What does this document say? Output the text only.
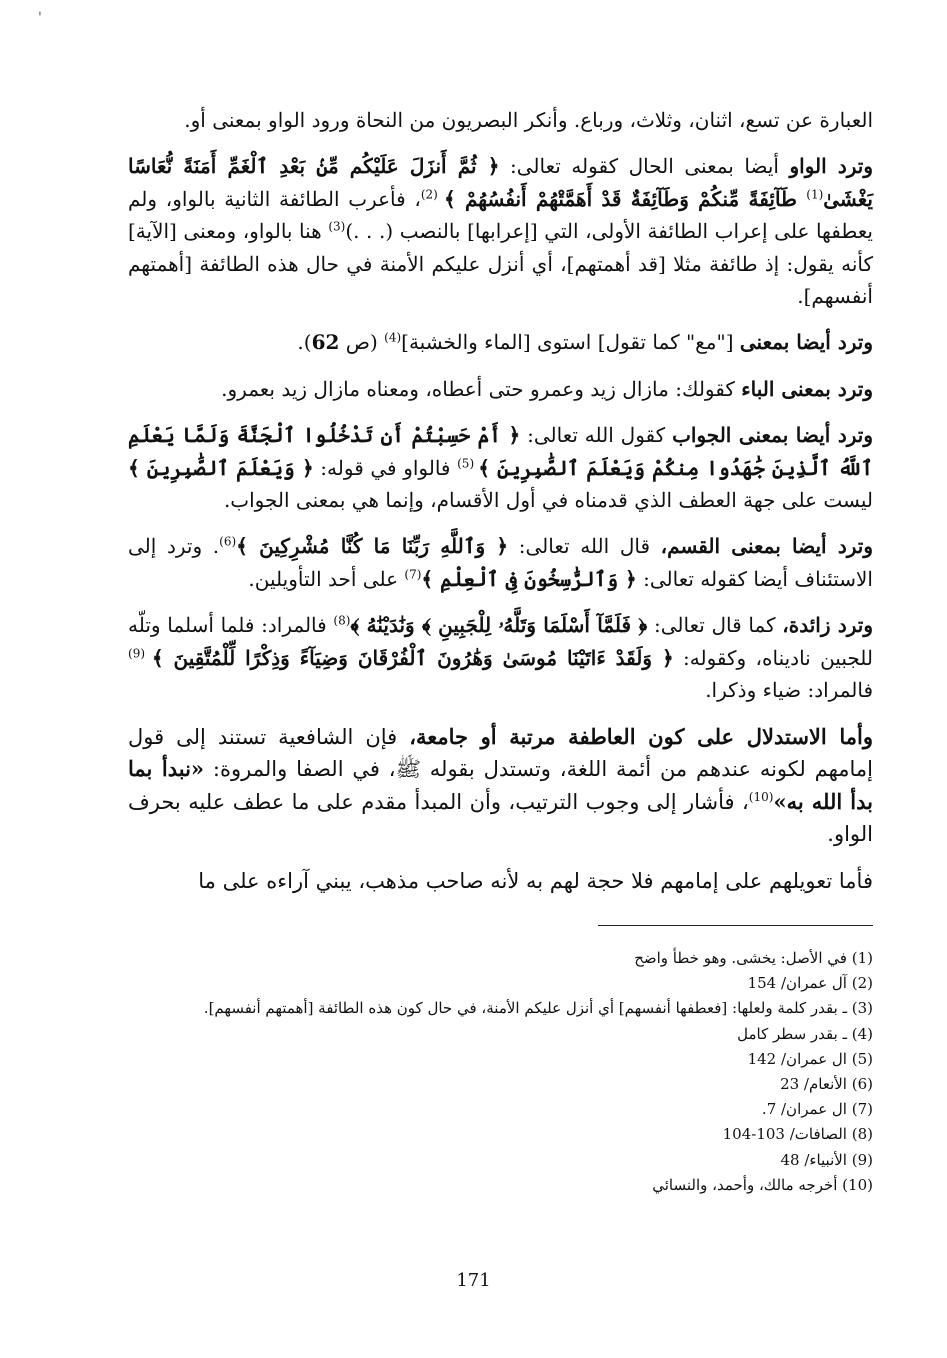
'

العبارة عن تسع، اثنان، وثلاث، ورباع. وأنكر البصريون من النحاة ورود الواو بمعنى أو.

وترد الواو أيضا بمعنى الحال كقوله تعالى: ﴿ ثُمَّ أَنزَلَ عَلَيْكُم مِّنۢ بَعْدِ ٱلْغَمِّ أَمَنَةً نُّعَاسًا يَغْشَىٰ$^{(1)}$ طَآئِفَةً مِّنكُمْ وَطَآئِفَةٌ قَدْ أَهَمَّتْهُمْ أَنفُسُهُمْ ﴾ $^{(2)}$، فأعرب الطائفة الثانية بالواو، ولم يعطفها على إعراب الطائفة الأولى، التي [إعرابها] بالنصب (. . .)$^{(3)}$ هنا بالواو، ومعنى [الآية] كأنه يقول: إذ طائفة مثلا [قد أهمتهم]، أي أنزل عليكم الأمنة في حال هذه الطائفة [أهمتهم أنفسهم].

وترد أيضا بمعنى ["مع" كما تقول] استوى [الماء والخشبة]$^{(4)}$ (ص 62).

وترد بمعنى الباء كقولك: مازال زيد وعمرو حتى أعطاه، ومعناه مازال زيد بعمرو.

وترد أيضا بمعنى الجواب كقول الله تعالى: ﴿ أَمْ حَسِبْتُمْ أَن تَدْخُلُوا ٱلْجَنَّةَ وَلَمَّا يَعْلَمِ ٱللَّهُ ٱلَّذِينَ جَٰهَدُوا مِنكُمْ وَيَعْلَمَ ٱلصَّٰبِرِينَ ﴾ $^{(5)}$ فالواو في قوله: ﴿ وَيَعْلَمَ ٱلصَّٰبِرِينَ ﴾ ليست على جهة العطف الذي قدمناه في أول الأقسام، وإنما هي بمعنى الجواب.

وترد أيضا بمعنى القسم، قال الله تعالى: ﴿ وَٱللَّهِ رَبِّنَا مَا كُنَّا مُشْرِكِينَ ﴾$^{(6)}$. وترد إلى الاستئناف أيضا كقوله تعالى: ﴿ وَٱلرَّٰسِخُونَ فِى ٱلْعِلْمِ ﴾$^{(7)}$ على أحد التأويلين.

وترد زائدة، كما قال تعالى: ﴿ فَلَمَّآ أَسْلَمَا وَتَلَّهُۥ لِلْجَبِينِ ﴾ وَنَٰدَيْنَٰهُ ﴾$^{(8)}$ فالمراد: فلما أسلما وتلّه للجبين ناديناه، وكقوله: ﴿ وَلَقَدْ ءَاتَيْنَا مُوسَىٰ وَهَٰرُونَ ٱلْفُرْقَانَ وَضِيَآءً وَذِكْرًا لِّلْمُتَّقِينَ ﴾ $^{(9)}$ فالمراد: ضياء وذكرا.

وأما الاستدلال على كون العاطفة مرتبة أو جامعة، فإن الشافعية تستند إلى قول إمامهم لكونه عندهم من أئمة اللغة، وتستدل بقوله ﷺ، في الصفا والمروة: «نبدأ بما بدأ الله به»$^{(10)}$، فأشار إلى وجوب الترتيب، وأن المبدأ مقدم على ما عطف عليه بحرف الواو.

فأما تعويلهم على إمامهم فلا حجة لهم به لأنه صاحب مذهب، يبني آراءه على ما

(1) في الأصل: يخشى. وهو خطأ واضح
(2) آل عمران/ 154
(3) ـ بقدر كلمة ولعلها: [فعطفها أنفسهم] أي أنزل عليكم الأمنة، في حال كون هذه الطائفة [أهمتهم أنفسهم].
(4) ـ بقدر سطر كامل
(5) ال عمران/ 142
(6) الأنعام/ 23
(7) ال عمران/ 7.
(8) الصافات/ 103-104
(9) الأنبياء/ 48
(10) أخرجه مالك، وأحمد، والنسائي
171
